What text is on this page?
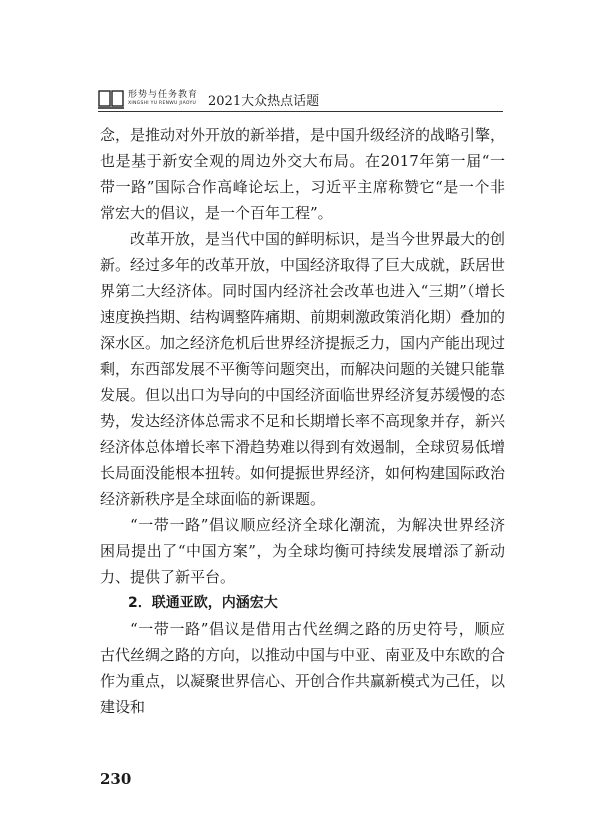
形势与任务教育
XINGSHI YU RENWU JIAOYU 2021大众热点话题

念，是推动对外开放的新举措，是中国升级经济的战略引擎，也是基于新安全观的周边外交大布局。在2017年第一届“一带一路”国际合作高峰论坛上，习近平主席称赞它“是一个非常宏大的倡议，是一个百年工程”。

改革开放，是当代中国的鲜明标识，是当今世界最大的创新。经过多年的改革开放，中国经济取得了巨大成就，跃居世界第二大经济体。同时国内经济社会改革也进入“三期”（增长速度换挡期、结构调整阵痛期、前期刺激政策消化期）叠加的深水区。加之经济危机后世界经济提振乏力，国内产能出现过剩，东西部发展不平衡等问题突出，而解决问题的关键只能靠发展。但以出口为导向的中国经济面临世界经济复苏缓慢的态势，发达经济体总需求不足和长期增长率不高现象并存，新兴经济体总体增长率下滑趋势难以得到有效遏制，全球贸易低增长局面没能根本扭转。如何提振世界经济，如何构建国际政治经济新秩序是全球面临的新课题。

“一带一路”倡议顺应经济全球化潮流，为解决世界经济困局提出了“中国方案”，为全球均衡可持续发展增添了新动力、提供了新平台。

2．联通亚欧，内涵宏大

“一带一路”倡议是借用古代丝绸之路的历史符号，顺应古代丝绸之路的方向，以推动中国与中亚、南亚及中东欧的合作为重点，以凝聚世界信心、开创合作共赢新模式为己任，以建设和

230
